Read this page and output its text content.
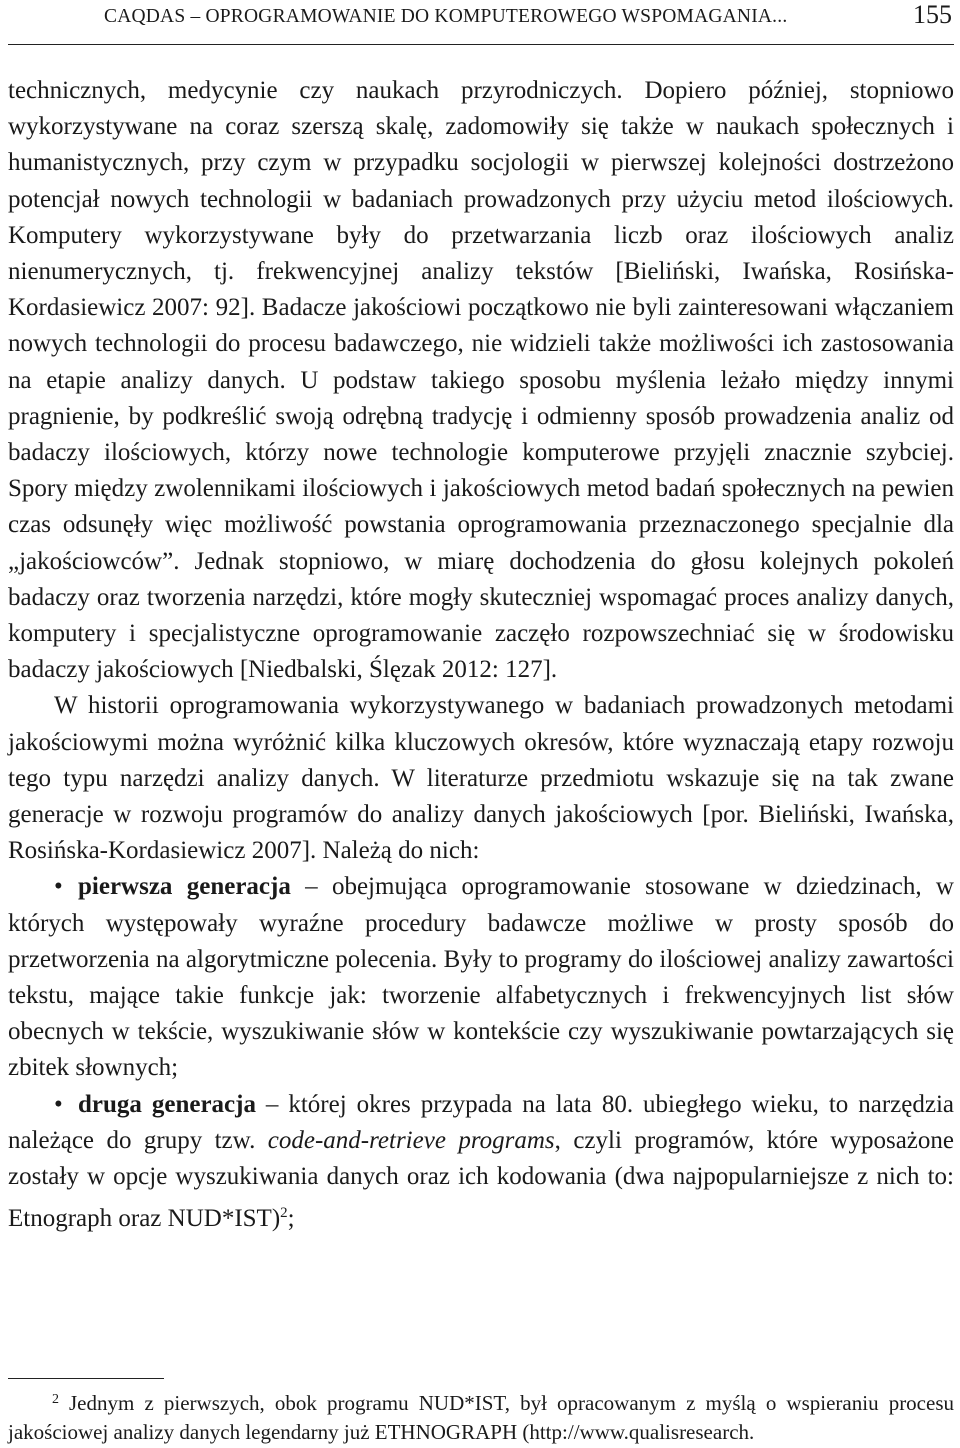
CAQDAS – OPROGRAMOWANIE DO KOMPUTEROWEGO WSPOMAGANIA...	155

technicznych, medycynie czy naukach przyrodniczych. Dopiero później, stopniowo wykorzystywane na coraz szerszą skalę, zadomowiły się także w naukach społecznych i humanistycznych, przy czym w przypadku socjologii w pierwszej kolejności dostrzeżono potencjał nowych technologii w badaniach prowadzonych przy użyciu metod ilościowych. Komputery wykorzystywane były do przetwarzania liczb oraz ilościowych analiz nienumerycznych, tj. frekwencyjnej analizy tekstów [Bieliński, Iwańska, Rosińska-Kordasiewicz 2007: 92]. Badacze jakościowi początkowo nie byli zainteresowani włączaniem nowych technologii do procesu badawczego, nie widzieli także możliwości ich zastosowania na etapie analizy danych. U podstaw takiego sposobu myślenia leżało między innymi pragnienie, by podkreślić swoją odrębną tradycję i odmienny sposób prowadzenia analiz od badaczy ilościowych, którzy nowe technologie komputerowe przyjęli znacznie szybciej. Spory między zwolennikami ilościowych i jakościowych metod badań społecznych na pewien czas odsunęły więc możliwość powstania oprogramowania przeznaczonego specjalnie dla „jakościowców”. Jednak stopniowo, w miarę dochodzenia do głosu kolejnych pokoleń badaczy oraz tworzenia narzędzi, które mogły skuteczniej wspomagać proces analizy danych, komputery i specjalistyczne oprogramowanie zaczęło rozpowszechniać się w środowisku badaczy jakościowych [Niedbalski, Ślęzak 2012: 127].

W historii oprogramowania wykorzystywanego w badaniach prowadzonych metodami jakościowymi można wyróżnić kilka kluczowych okresów, które wyznaczają etapy rozwoju tego typu narzędzi analizy danych. W literaturze przedmiotu wskazuje się na tak zwane generacje w rozwoju programów do analizy danych jakościowych [por. Bieliński, Iwańska, Rosińska-Kordasiewicz 2007]. Należą do nich:

• pierwsza generacja – obejmująca oprogramowanie stosowane w dziedzinach, w których występowały wyraźne procedury badawcze możliwe w prosty sposób do przetworzenia na algorytmiczne polecenia. Były to programy do ilościowej analizy zawartości tekstu, mające takie funkcje jak: tworzenie alfabetycznych i frekwencyjnych list słów obecnych w tekście, wyszukiwanie słów w kontekście czy wyszukiwanie powtarzających się zbitek słownych;

• druga generacja – której okres przypada na lata 80. ubiegłego wieku, to narzędzia należące do grupy tzw. code-and-retrieve programs, czyli programów, które wyposażone zostały w opcje wyszukiwania danych oraz ich kodowania (dwa najpopularniejsze z nich to: Etnograph oraz NUD*IST)$^2$;

$^2$ Jednym z pierwszych, obok programu NUD*IST, był opracowanym z myślą o wspieraniu procesu jakościowej analizy danych legendarny już ETHNOGRAPH (http://www.qualisresearch.
